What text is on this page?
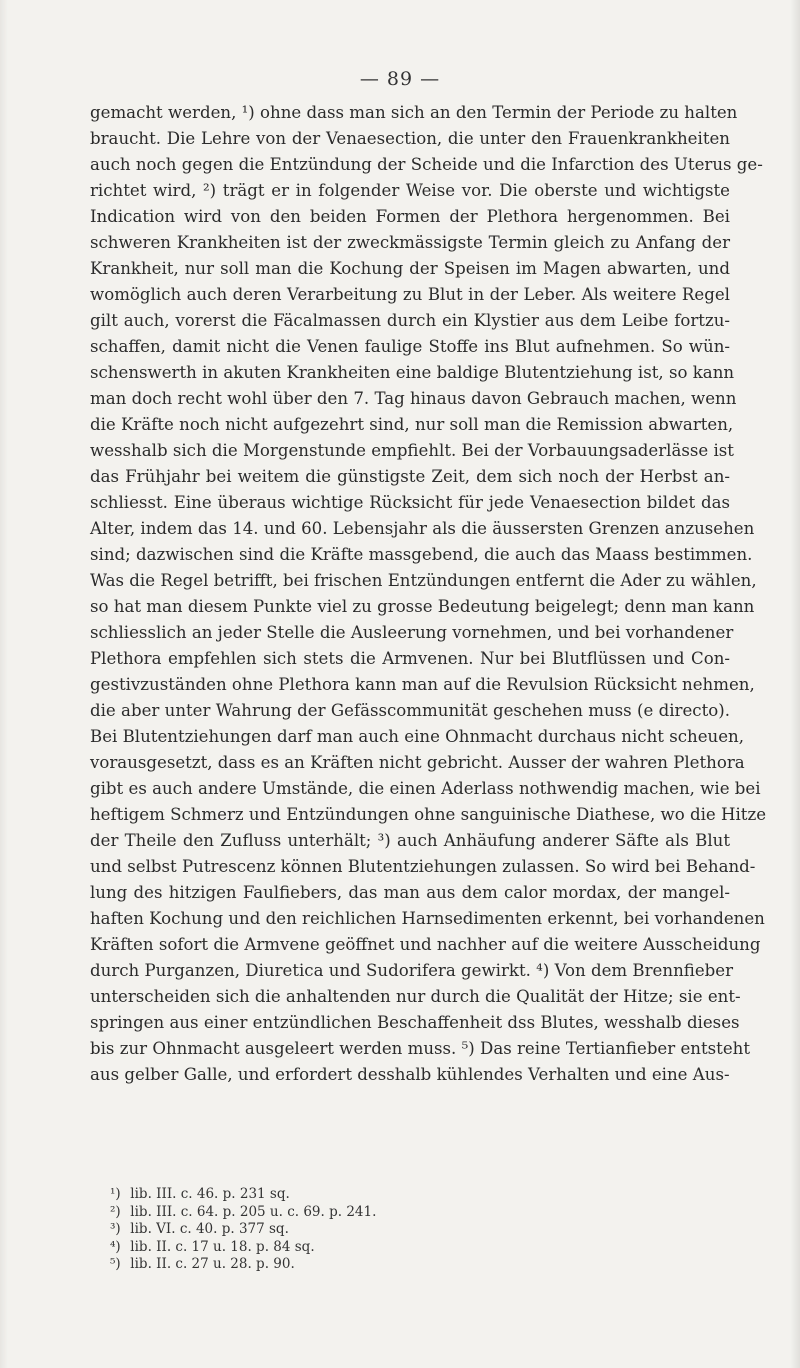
— 89 —
gemacht werden, ¹) ohne dass man sich an den Termin der Periode zu halten
braucht. Die Lehre von der Venaesection, die unter den Frauenkrankheiten
auch noch gegen die Entzündung der Scheide und die Infarction des Uterus ge-
richtet wird, ²) trägt er in folgender Weise vor. Die oberste und wichtigste
Indication wird von den beiden Formen der Plethora hergenommen. Bei
schweren Krankheiten ist der zweckmässigste Termin gleich zu Anfang der
Krankheit, nur soll man die Kochung der Speisen im Magen abwarten, und
womöglich auch deren Verarbeitung zu Blut in der Leber. Als weitere Regel
gilt auch, vorerst die Fäcalmassen durch ein Klystier aus dem Leibe fortzu-
schaffen, damit nicht die Venen faulige Stoffe ins Blut aufnehmen. So wün-
schenswerth in akuten Krankheiten eine baldige Blutentziehung ist, so kann
man doch recht wohl über den 7. Tag hinaus davon Gebrauch machen, wenn
die Kräfte noch nicht aufgezehrt sind, nur soll man die Remission abwarten,
wesshalb sich die Morgenstunde empfiehlt. Bei der Vorbauungsaderlässe ist
das Frühjahr bei weitem die günstigste Zeit, dem sich noch der Herbst an-
schliesst. Eine überaus wichtige Rücksicht für jede Venaesection bildet das
Alter, indem das 14. und 60. Lebensjahr als die äussersten Grenzen anzusehen
sind; dazwischen sind die Kräfte massgebend, die auch das Maass bestimmen.
Was die Regel betrifft, bei frischen Entzündungen entfernt die Ader zu wählen,
so hat man diesem Punkte viel zu grosse Bedeutung beigelegt; denn man kann
schliesslich an jeder Stelle die Ausleerung vornehmen, und bei vorhandener
Plethora empfehlen sich stets die Armvenen. Nur bei Blutflüssen und Con-
gestivzuständen ohne Plethora kann man auf die Revulsion Rücksicht nehmen,
die aber unter Wahrung der Gefässcommunität geschehen muss (e directo).
Bei Blutentziehungen darf man auch eine Ohnmacht durchaus nicht scheuen,
vorausgesetzt, dass es an Kräften nicht gebricht. Ausser der wahren Plethora
gibt es auch andere Umstände, die einen Aderlass nothwendig machen, wie bei
heftigem Schmerz und Entzündungen ohne sanguinische Diathese, wo die Hitze
der Theile den Zufluss unterhält; ³) auch Anhäufung anderer Säfte als Blut
und selbst Putrescenz können Blutentziehungen zulassen. So wird bei Behand-
lung des hitzigen Faulfiebers, das man aus dem calor mordax, der mangel-
haften Kochung und den reichlichen Harnsedimenten erkennt, bei vorhandenen
Kräften sofort die Armvene geöffnet und nachher auf die weitere Ausscheidung
durch Purganzen, Diuretica und Sudorifera gewirkt. ⁴) Von dem Brennfieber
unterscheiden sich die anhaltenden nur durch die Qualität der Hitze; sie ent-
springen aus einer entzündlichen Beschaffenheit dss Blutes, wesshalb dieses
bis zur Ohnmacht ausgeleert werden muss. ⁵) Das reine Tertianfieber entsteht
aus gelber Galle, und erfordert desshalb kühlendes Verhalten und eine Aus-
¹) lib. III. c. 46. p. 231 sq.
²) lib. III. c. 64. p. 205 u. c. 69. p. 241.
³) lib. VI. c. 40. p. 377 sq.
⁴) lib. II. c. 17 u. 18. p. 84 sq.
⁵) lib. II. c. 27 u. 28. p. 90.
